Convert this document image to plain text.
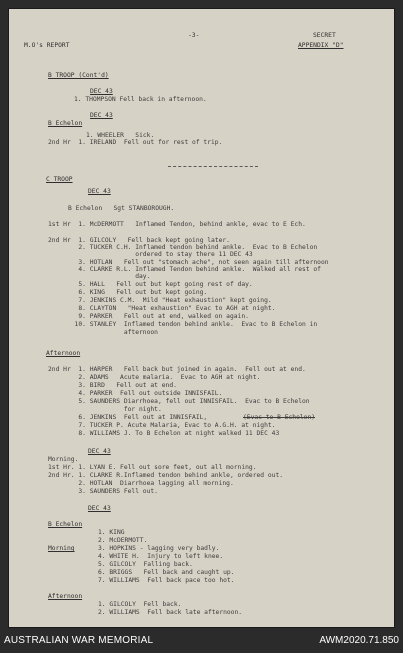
M.O's REPORT
-3-	SECRET
APPENDIX "D"
B TROOP (Cont'd)
DEC 43
1. THOMPSON Fell back in afternoon.
DEC 43
B Echelon
1. WHEELER   Sick.
2nd Hr  1. IRELAND  Fell out for rest of trip.
C TROOP
DEC 43
B Echelon   Sgt STANBOROUGH.
1st Hr  1. McDERMOTT   Inflamed Tendon, behind ankle, evac to E Ech.
2nd Hr  1. GILCOLY   Fell back kept going later.
2. TUCKER C.H. Inflamed tendon behind ankle.  Evac to B Echelon
ordered to stay there 11 DEC 43
3. HOTLAN   Fell out "stomach ache", not seen again till afternoon
4. CLARKE R.L. Inflamed Tendon behind ankle.  Walked all rest of
day.
5. HALL   Fell out but kept going rest of day.
6. KING   Fell out but kept going.
7. JENKINS C.M.  Mild "Heat exhaustion" kept going.
8. CLAYTON   "Heat exhaustion" Evac to AGH at night.
9. PARKER   Fell out at end, walked on again.
10. STANLEY  Inflamed tendon behind ankle.  Evac to B Echelon in
afternoon
Afternoon
2nd Hr  1. HARPER   Fell back but joined in again.  Fell out at end.
2. ADAMS   Acute malaria.  Evac to AGH at night.
3. BIRD   Fell out at end.
4. PARKER  Fell out outside INNISFAIL.
5. SAUNDERS Diarrhoea, fell out INNISFAIL.  Evac to B Echelon
for night.
6. JENKINS  Fell out at INNISFAIL,	(Evac to B Echelon)
7. TUCKER P. Acute Malaria, Evac to A.G.H. at night.
8. WILLIAMS J. To B Echelon at night walked 11 DEC 43
DEC 43
Morning.
1st Hr. 1. LYAN E. Fell out sore feet, out all morning.
2nd Hr. 1. CLARKE R.Inflamed tendon behind ankle, ordered out.
2. HOTLAN  Diarrhoea lagging all morning.
3. SAUNDERS Fell out.
DEC 43
B Echelon
1. KING
2. McDERMOTT.
Morning	3. HOPKINS - lagging very badly.
4. WHITE H.  Injury to left knee.
5. GILCOLY  Falling back.
6. BRIGGS   Fell back and caught up.
7. WILLIAMS  Fell back pace too hot.
Afternoon
1. GILCOLY  Fell back.
2. WILLIAMS  Fell back late afternoon.
AUSTRALIAN WAR MEMORIAL	AWM2020.71.850
